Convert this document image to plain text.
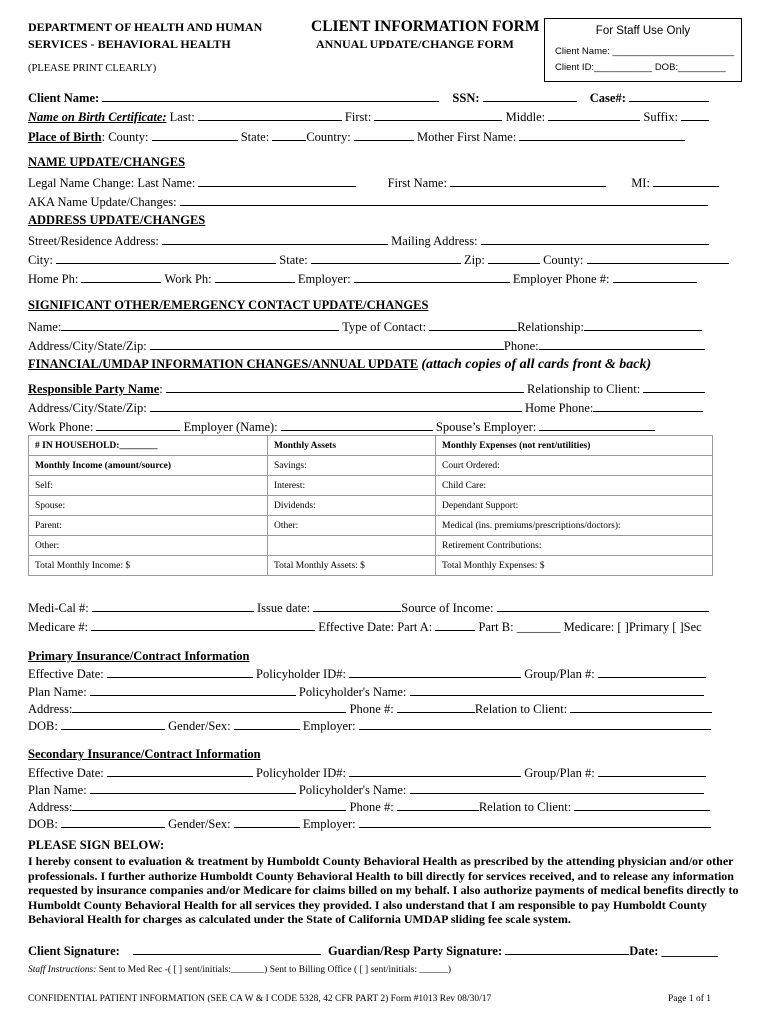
DEPARTMENT OF HEALTH AND HUMAN
SERVICES - BEHAVIORAL HEALTH
(PLEASE PRINT CLEARLY)
CLIENT INFORMATION FORM
ANNUAL UPDATE/CHANGE FORM
For Staff Use Only
Client Name: _______________________
Client ID:___________ DOB:_________
Client Name:	SSN:	Case#:
Name on Birth Certificate: Last:	First:	Middle:	Suffix:
Place of Birth: County:	State:	Country:	Mother First Name:
NAME UPDATE/CHANGES
Legal Name Change: Last Name:	First Name:	MI:
AKA Name Update/Changes:
ADDRESS UPDATE/CHANGES
Street/Residence Address:	Mailing Address:
City:	State:	Zip:	County:
Home Ph:	Work Ph:	Employer:	Employer Phone #:
SIGNIFICANT OTHER/EMERGENCY CONTACT UPDATE/CHANGES
Name:	Type of Contact:	Relationship:
Address/City/State/Zip:	Phone:
FINANCIAL/UMDAP INFORMATION CHANGES/ANNUAL UPDATE (attach copies of all cards front & back)
Responsible Party Name:	Relationship to Client:
Address/City/State/Zip:	Home Phone:
Work Phone:	Employer (Name):	Spouse’s Employer:
# IN HOUSEHOLD:________	Monthly Assets	Monthly Expenses (not rent/utilities)
Monthly Income (amount/source)	Savings:	Court Ordered:
Self:	Interest:	Child Care:
Spouse:	Dividends:	Dependant Support:
Parent:	Other:	Medical (ins. premiums/prescriptions/doctors):
Other:		Retirement Contributions:
Total Monthly Income: $	Total Monthly Assets: $	Total Monthly Expenses: $
Medi-Cal #:	Issue date:	Source of Income:
Medicare #:	Effective Date: Part A:	Part B: _______ Medicare: [ ]Primary [ ]Sec
Primary Insurance/Contract Information
Effective Date:	Policyholder ID#:	Group/Plan #:
Plan Name:	Policyholder's Name:
Address:	Phone #:	Relation to Client:
DOB:	Gender/Sex:	Employer:
Secondary Insurance/Contract Information
Effective Date:	Policyholder ID#:	Group/Plan #:
Plan Name:	Policyholder's Name:
Address:	Phone #:	Relation to Client:
DOB:	Gender/Sex:	Employer:
PLEASE SIGN BELOW:
I hereby consent to evaluation & treatment by Humboldt County Behavioral Health as prescribed by the attending physician and/or other professionals. I further authorize Humboldt County Behavioral Health to bill directly for services received, and to release any information requested by insurance companies and/or Medicare for claims billed on my behalf. I also authorize payments of medical benefits directly to Humboldt County Behavioral Health for all services they provided. I also understand that I am responsible to pay Humboldt County Behavioral Health for charges as calculated under the State of California UMDAP sliding fee scale system.
Client Signature:	Guardian/Resp Party Signature:	Date: _________
Staff Instructions: Sent to Med Rec -( [ ] sent/initials:_______) Sent to Billing Office ( [ ] sent/initials: ______)
CONFIDENTIAL PATIENT INFORMATION (SEE CA W & I CODE 5328, 42 CFR PART 2) Form #1013 Rev 08/30/17	Page 1 of 1
